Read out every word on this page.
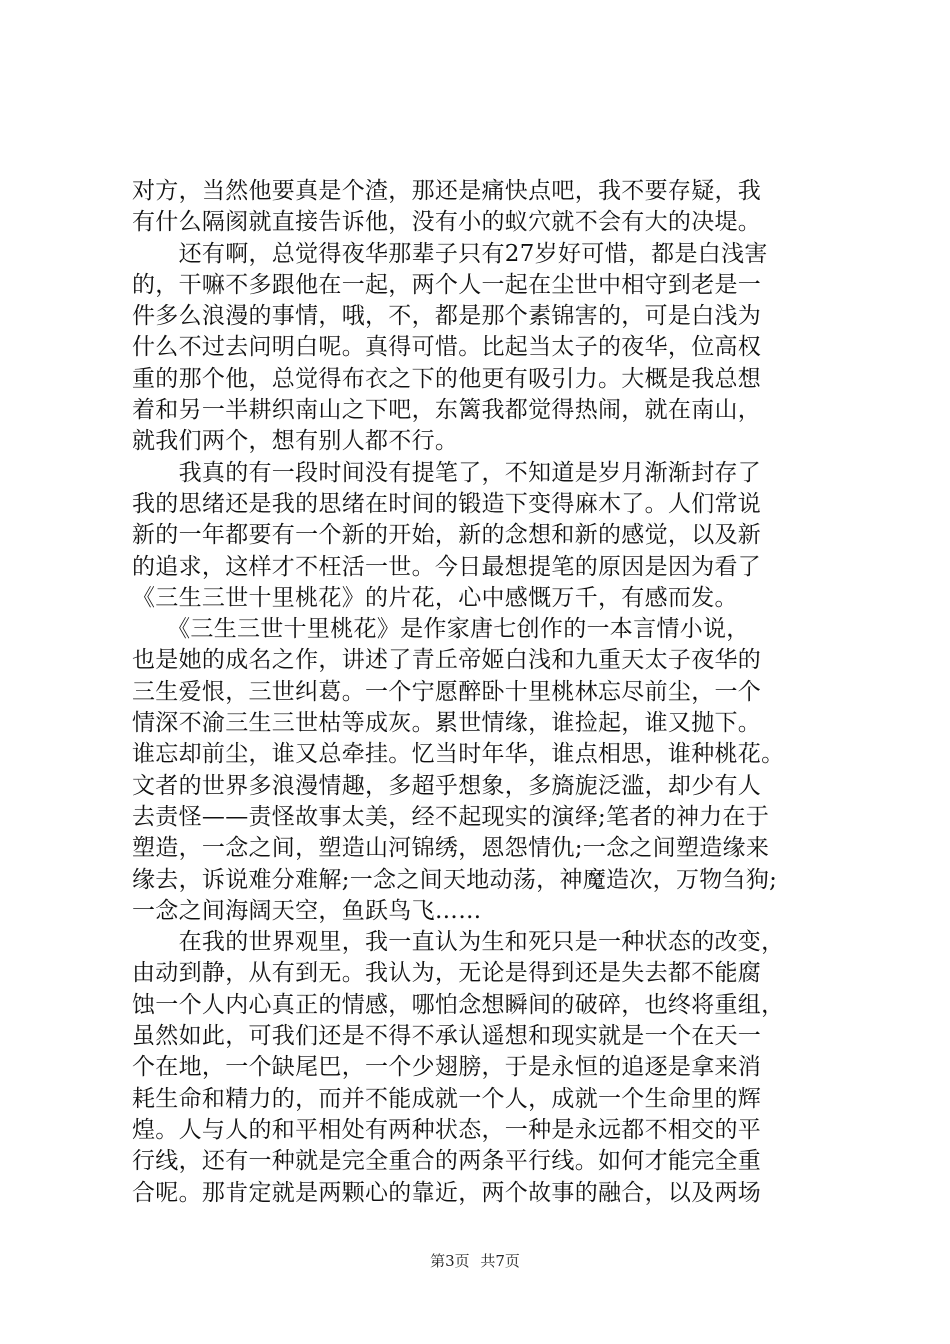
对方，当然他要真是个渣，那还是痛快点吧，我不要存疑，我
有什么隔阂就直接告诉他，没有小的蚁穴就不会有大的决堤。
　　还有啊，总觉得夜华那辈子只有27岁好可惜，都是白浅害
的，干嘛不多跟他在一起，两个人一起在尘世中相守到老是一
件多么浪漫的事情，哦，不，都是那个素锦害的，可是白浅为
什么不过去问明白呢。真得可惜。比起当太子的夜华，位高权
重的那个他，总觉得布衣之下的他更有吸引力。大概是我总想
着和另一半耕织南山之下吧，东篱我都觉得热闹，就在南山，
就我们两个，想有别人都不行。
　　我真的有一段时间没有提笔了，不知道是岁月渐渐封存了
我的思绪还是我的思绪在时间的锻造下变得麻木了。人们常说
新的一年都要有一个新的开始，新的念想和新的感觉，以及新
的追求，这样才不枉活一世。今日最想提笔的原因是因为看了
《三生三世十里桃花》的片花，心中感慨万千，有感而发。
　　《三生三世十里桃花》是作家唐七创作的一本言情小说，
也是她的成名之作，讲述了青丘帝姬白浅和九重天太子夜华的
三生爱恨，三世纠葛。一个宁愿醉卧十里桃林忘尽前尘，一个
情深不渝三生三世枯等成灰。累世情缘，谁捡起，谁又抛下。
谁忘却前尘，谁又总牵挂。忆当时年华，谁点相思，谁种桃花。
文者的世界多浪漫情趣，多超乎想象，多旖旎泛滥，却少有人
去责怪——责怪故事太美，经不起现实的演绎;笔者的神力在于
塑造，一念之间，塑造山河锦绣，恩怨情仇;一念之间塑造缘来
缘去，诉说难分难解;一念之间天地动荡，神魔造次，万物刍狗;
一念之间海阔天空，鱼跃鸟飞……
　　在我的世界观里，我一直认为生和死只是一种状态的改变，
由动到静，从有到无。我认为，无论是得到还是失去都不能腐
蚀一个人内心真正的情感，哪怕念想瞬间的破碎，也终将重组，
虽然如此，可我们还是不得不承认遥想和现实就是一个在天一
个在地，一个缺尾巴，一个少翅膀，于是永恒的追逐是拿来消
耗生命和精力的，而并不能成就一个人，成就一个生命里的辉
煌。人与人的和平相处有两种状态，一种是永远都不相交的平
行线，还有一种就是完全重合的两条平行线。如何才能完全重
合呢。那肯定就是两颗心的靠近，两个故事的融合，以及两场
第3页 共7页
